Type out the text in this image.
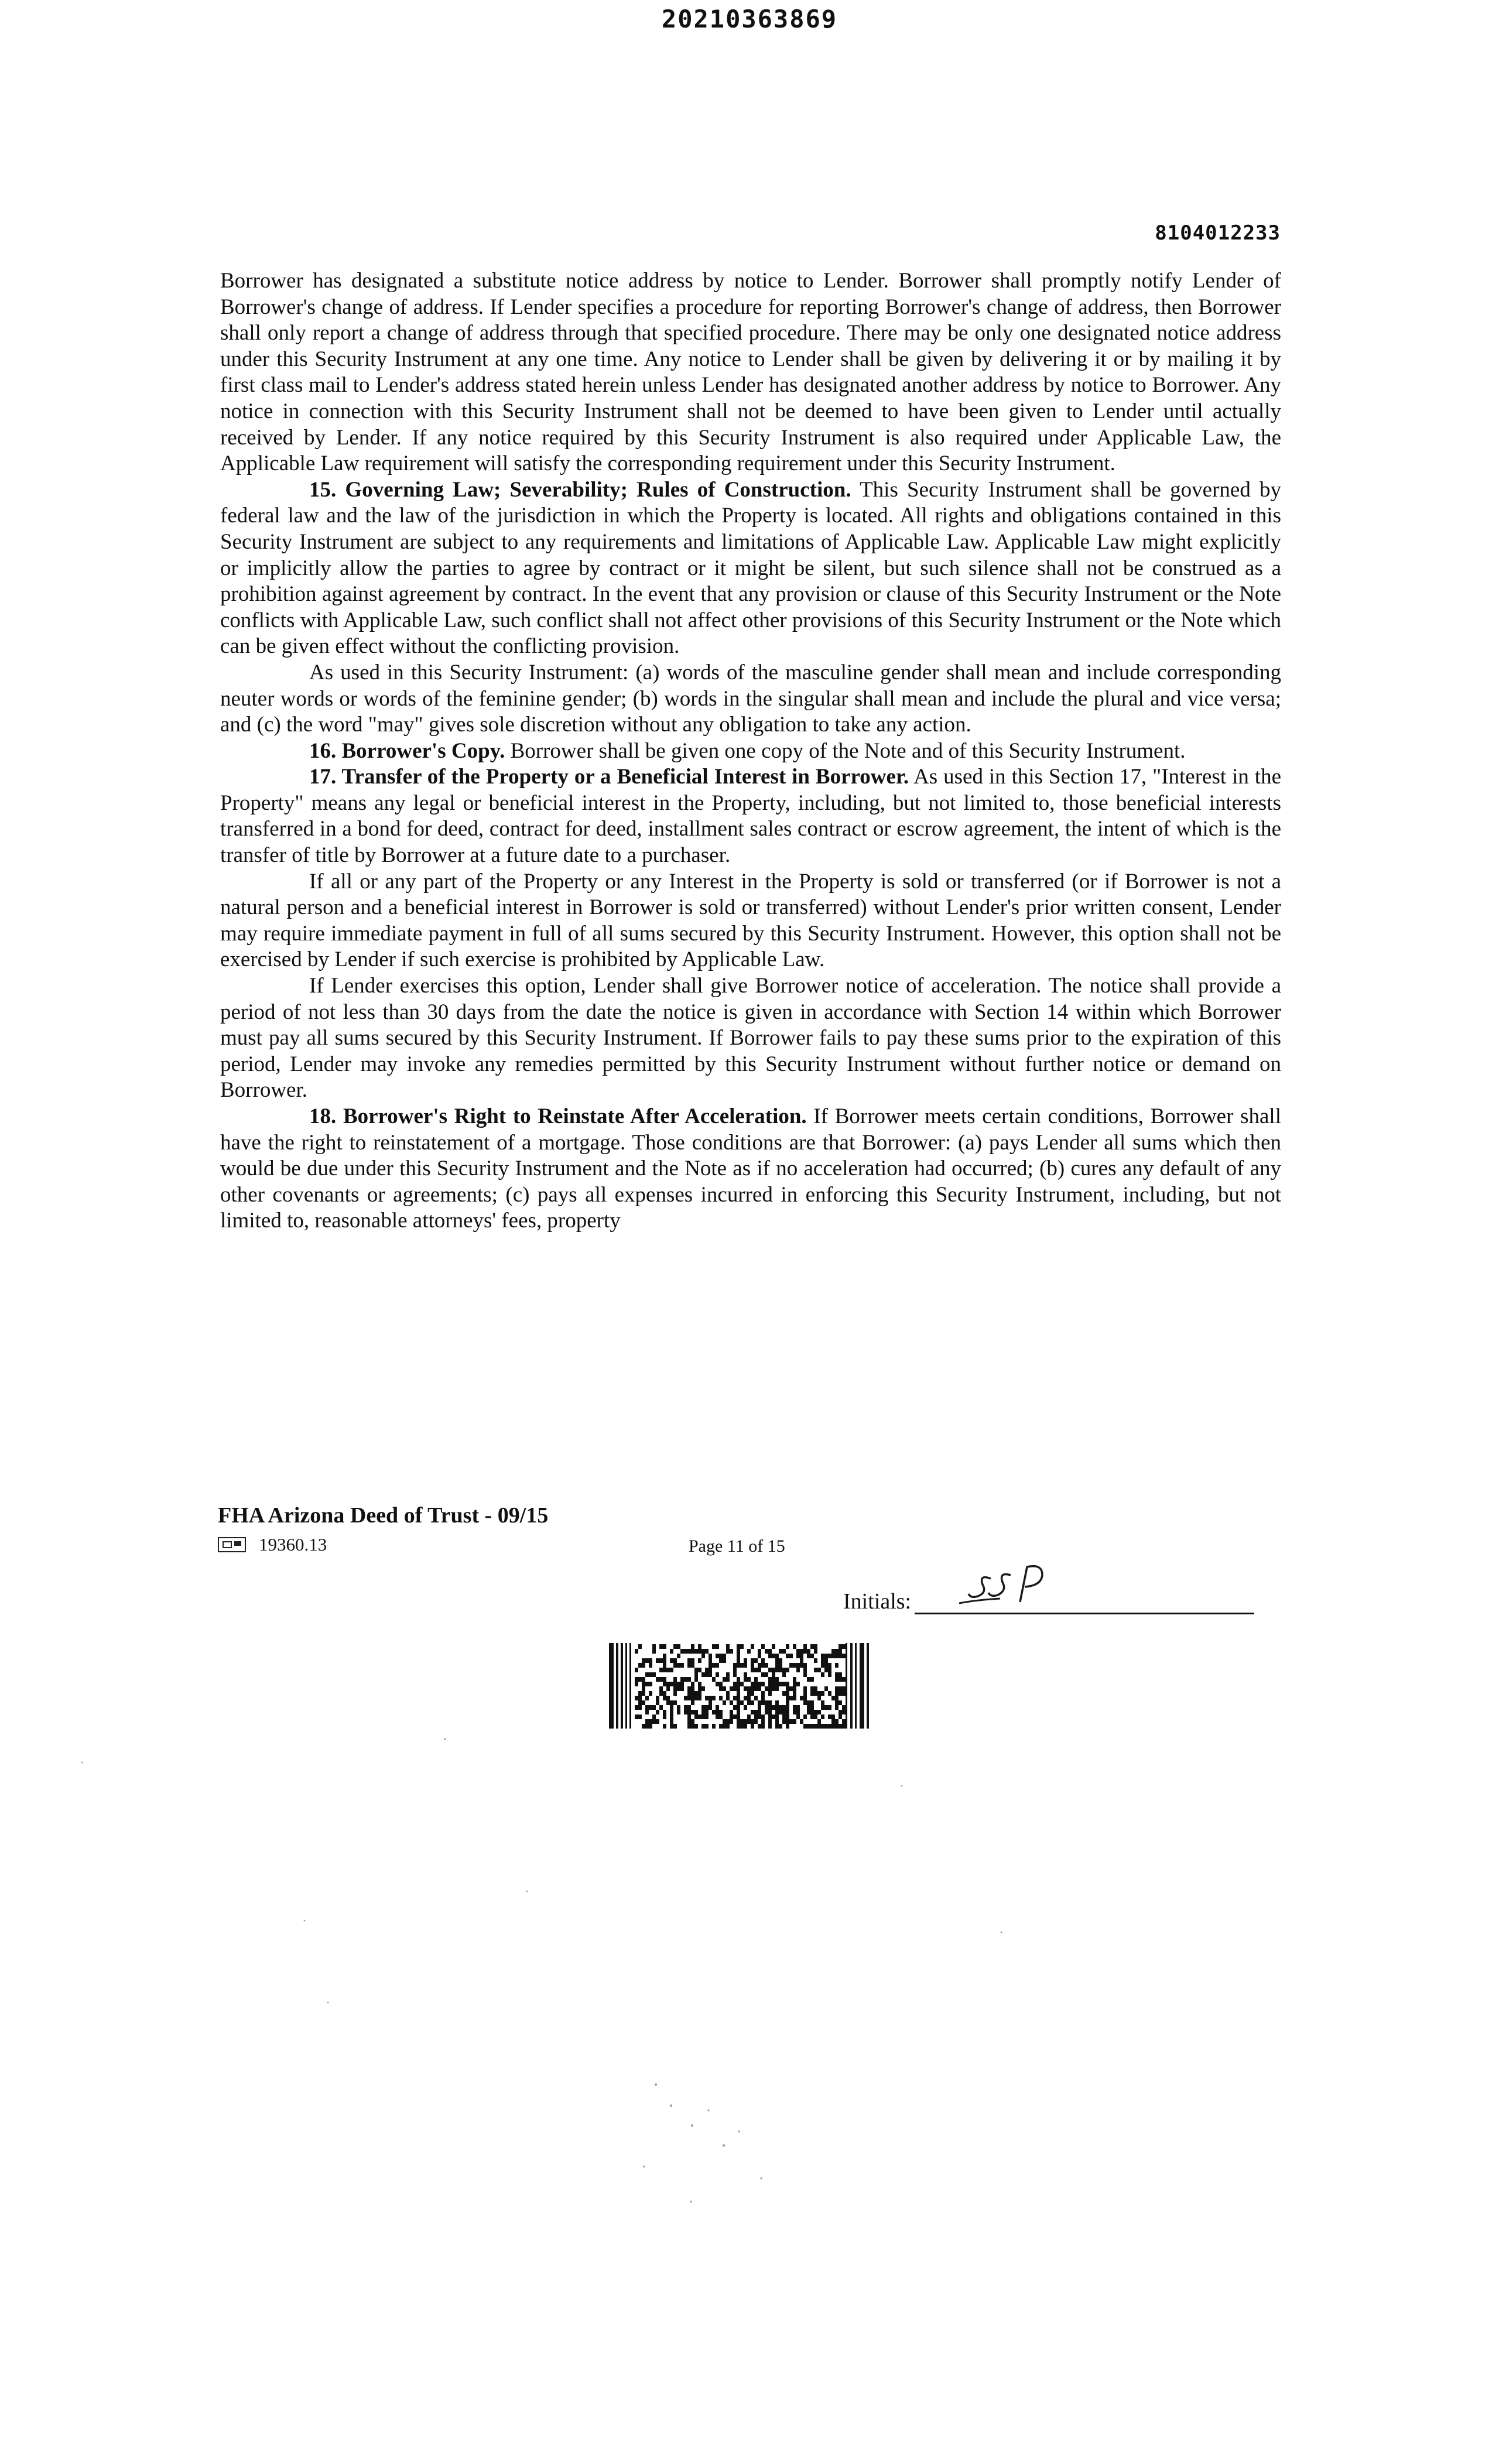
20210363869
8104012233

Borrower has designated a substitute notice address by notice to Lender. Borrower shall promptly notify Lender of Borrower's change of address. If Lender specifies a procedure for reporting Borrower's change of address, then Borrower shall only report a change of address through that specified procedure. There may be only one designated notice address under this Security Instrument at any one time. Any notice to Lender shall be given by delivering it or by mailing it by first class mail to Lender's address stated herein unless Lender has designated another address by notice to Borrower. Any notice in connection with this Security Instrument shall not be deemed to have been given to Lender until actually received by Lender. If any notice required by this Security Instrument is also required under Applicable Law, the Applicable Law requirement will satisfy the corresponding requirement under this Security Instrument.

15. Governing Law; Severability; Rules of Construction. This Security Instrument shall be governed by federal law and the law of the jurisdiction in which the Property is located. All rights and obligations contained in this Security Instrument are subject to any requirements and limitations of Applicable Law. Applicable Law might explicitly or implicitly allow the parties to agree by contract or it might be silent, but such silence shall not be construed as a prohibition against agreement by contract. In the event that any provision or clause of this Security Instrument or the Note conflicts with Applicable Law, such conflict shall not affect other provisions of this Security Instrument or the Note which can be given effect without the conflicting provision.

As used in this Security Instrument: (a) words of the masculine gender shall mean and include corresponding neuter words or words of the feminine gender; (b) words in the singular shall mean and include the plural and vice versa; and (c) the word "may" gives sole discretion without any obligation to take any action.

16. Borrower's Copy. Borrower shall be given one copy of the Note and of this Security Instrument.

17. Transfer of the Property or a Beneficial Interest in Borrower. As used in this Section 17, "Interest in the Property" means any legal or beneficial interest in the Property, including, but not limited to, those beneficial interests transferred in a bond for deed, contract for deed, installment sales contract or escrow agreement, the intent of which is the transfer of title by Borrower at a future date to a purchaser.

If all or any part of the Property or any Interest in the Property is sold or transferred (or if Borrower is not a natural person and a beneficial interest in Borrower is sold or transferred) without Lender's prior written consent, Lender may require immediate payment in full of all sums secured by this Security Instrument. However, this option shall not be exercised by Lender if such exercise is prohibited by Applicable Law.

If Lender exercises this option, Lender shall give Borrower notice of acceleration. The notice shall provide a period of not less than 30 days from the date the notice is given in accordance with Section 14 within which Borrower must pay all sums secured by this Security Instrument. If Borrower fails to pay these sums prior to the expiration of this period, Lender may invoke any remedies permitted by this Security Instrument without further notice or demand on Borrower.

18. Borrower's Right to Reinstate After Acceleration. If Borrower meets certain conditions, Borrower shall have the right to reinstatement of a mortgage. Those conditions are that Borrower: (a) pays Lender all sums which then would be due under this Security Instrument and the Note as if no acceleration had occurred; (b) cures any default of any other covenants or agreements; (c) pays all expenses incurred in enforcing this Security Instrument, including, but not limited to, reasonable attorneys' fees, property

FHA Arizona Deed of Trust - 09/15
19360.13	Page 11 of 15
Initials:
